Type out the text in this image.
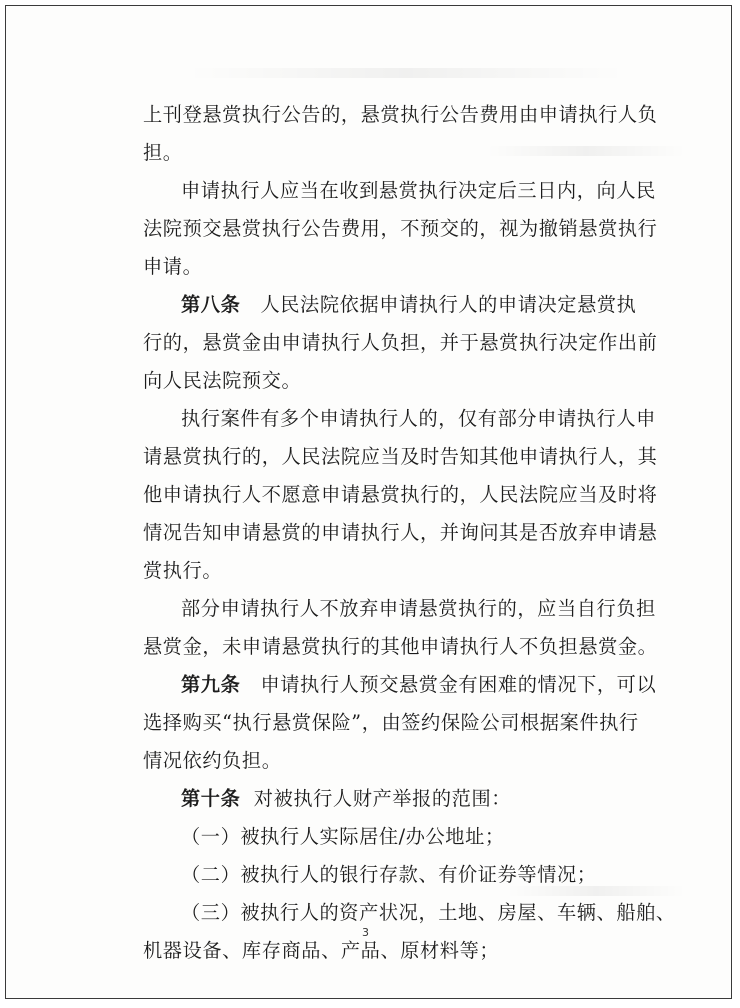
上刊登悬赏执行公告的，悬赏执行公告费用由申请执行人负
担。
申请执行人应当在收到悬赏执行决定后三日内，向人民
法院预交悬赏执行公告费用，不预交的，视为撤销悬赏执行
申请。
第八条 人民法院依据申请执行人的申请决定悬赏执
行的，悬赏金由申请执行人负担，并于悬赏执行决定作出前
向人民法院预交。
执行案件有多个申请执行人的，仅有部分申请执行人申
请悬赏执行的，人民法院应当及时告知其他申请执行人，其
他申请执行人不愿意申请悬赏执行的，人民法院应当及时将
情况告知申请悬赏的申请执行人，并询问其是否放弃申请悬
赏执行。
部分申请执行人不放弃申请悬赏执行的，应当自行负担
悬赏金，未申请悬赏执行的其他申请执行人不负担悬赏金。
第九条 申请执行人预交悬赏金有困难的情况下，可以
选择购买“执行悬赏保险”，由签约保险公司根据案件执行
情况依约负担。
第十条 对被执行人财产举报的范围：
（一）被执行人实际居住/办公地址；
（二）被执行人的银行存款、有价证券等情况；
（三）被执行人的资产状况，土地、房屋、车辆、船舶、
机器设备、库存商品、产品、原材料等；
3
